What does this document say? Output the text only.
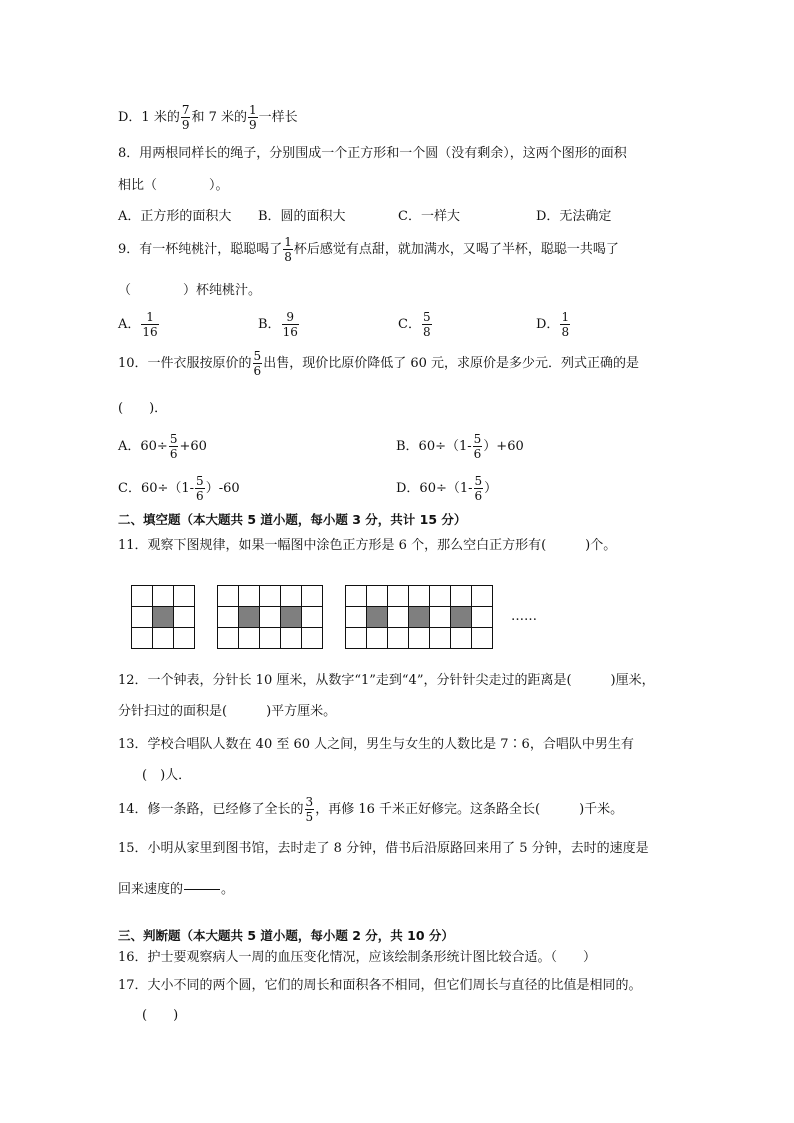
D．1 米的 $\frac{7}{9}$ 和 7 米的 $\frac{1}{9}$ 一样长
8．用两根同样长的绳子，分别围成一个正方形和一个圆（没有剩余），这两个图形的面积
相比（　　　　）。
A．正方形的面积大 B．圆的面积大	C．一样大	D．无法确定
9．有一杯纯桃汁，聪聪喝了 $\frac{1}{8}$ 杯后感觉有点甜，就加满水，又喝了半杯，聪聪一共喝了
（　　　　）杯纯桃汁。
A． $\frac{1}{16}$	B． $\frac{9}{16}$	C． $\frac{5}{8}$	D． $\frac{1}{8}$
10．一件衣服按原价的 $\frac{5}{6}$ 出售，现价比原价降低了 60 元，求原价是多少元．列式正确的是
(　　)．
A．$60\div \frac{5}{6} +60$	B．$60\div(1- \frac{5}{6} )+60$
C．$60\div(1- \frac{5}{6} )-60$	D．$60\div(1- \frac{5}{6}$ ）
二、填空题（本大题共 5 道小题，每小题 3 分，共计 15 分）
11．观察下图规律，如果一幅图中涂色正方形是 6 个，那么空白正方形有(　　　)个。
……
12．一个钟表，分针长 10 厘米，从数字“1”走到“4”，分针针尖走过的距离是(　　　)厘米，
分针扫过的面积是(　　　)平方厘米。
13．学校合唱队人数在 40 至 60 人之间，男生与女生的人数比是 7∶6，合唱队中男生有
(　)人．
14．修一条路，已经修了全长的 $\frac{3}{5}$ ，再修 16 千米正好修完。这条路全长(　　　)千米。
15．小明从家里到图书馆，去时走了 8 分钟，借书后沿原路回来用了 5 分钟，去时的速度是
回来速度的	。
三、判断题（本大题共 5 道小题，每小题 2 分，共 10 分）
16．护士要观察病人一周的血压变化情况，应该绘制条形统计图比较合适。（　　）
17．大小不同的两个圆，它们的周长和面积各不相同，但它们周长与直径的比值是相同的。
(　　)
